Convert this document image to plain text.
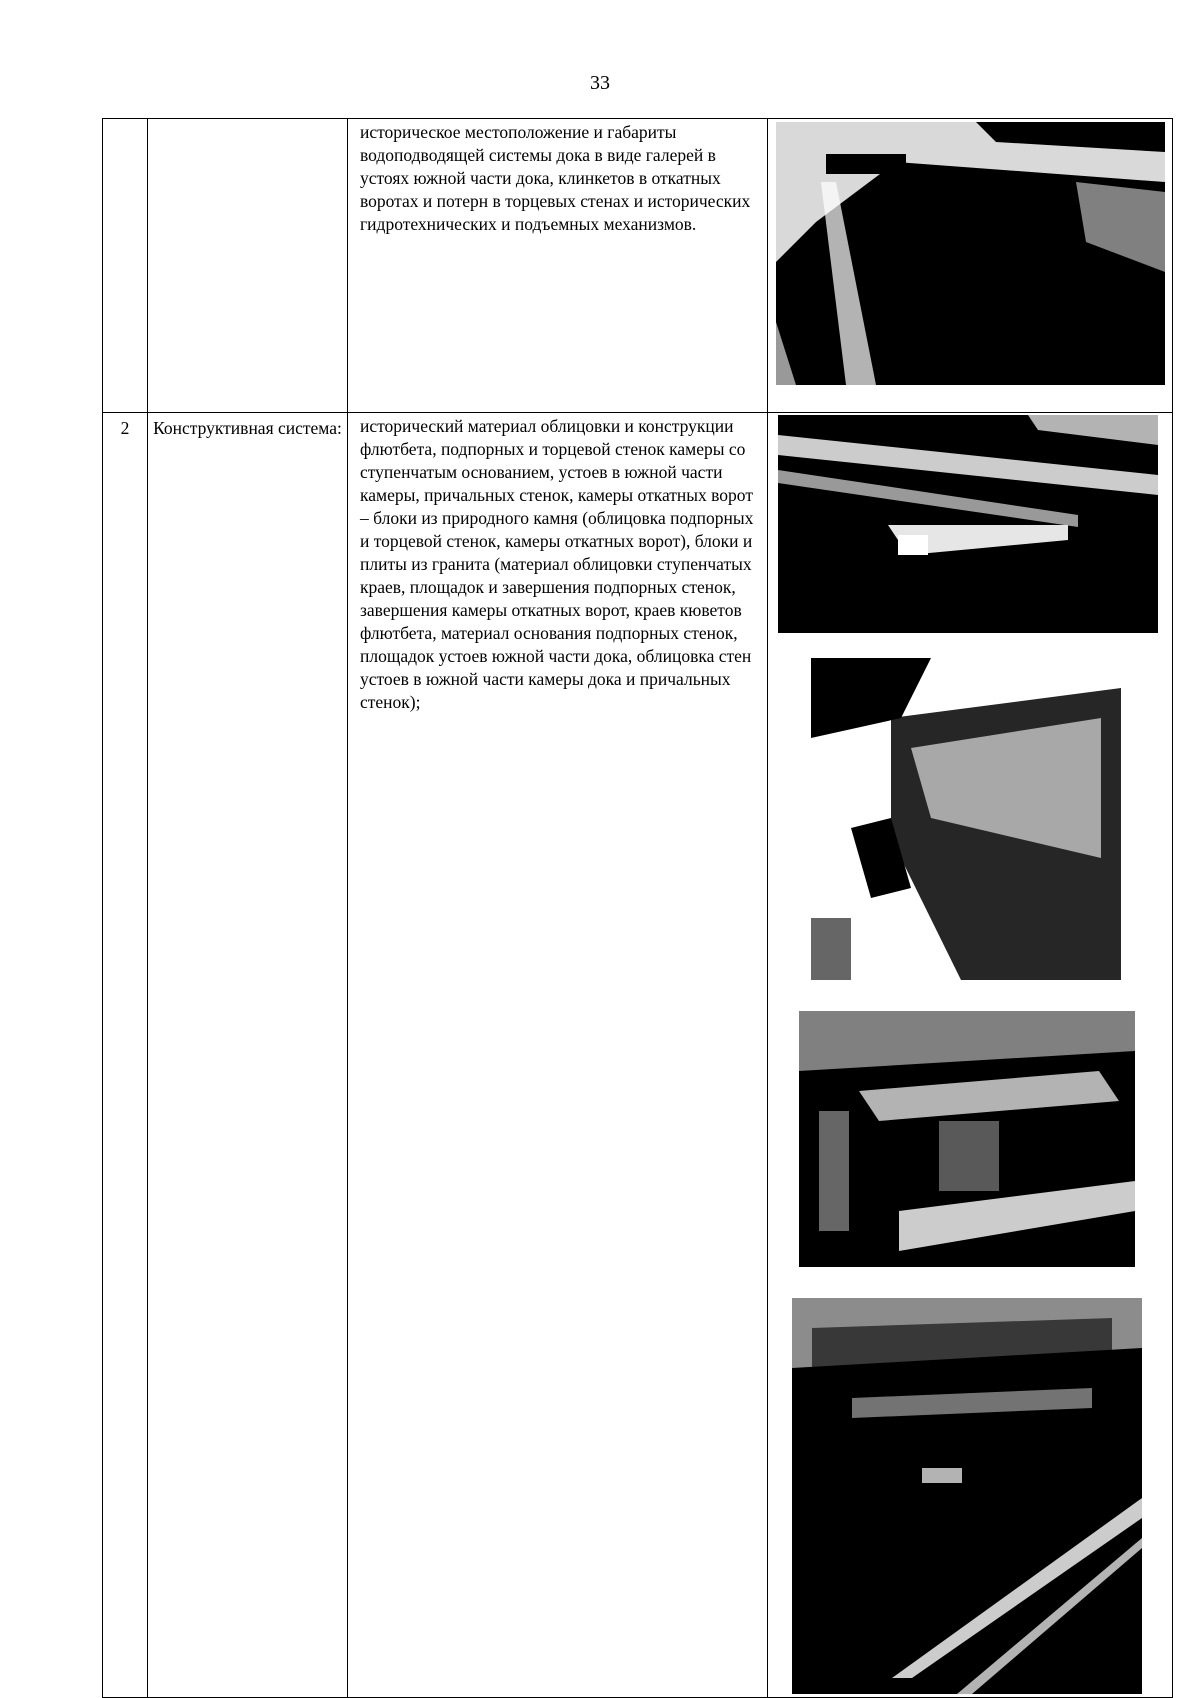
33
		историческое местоположение и габариты водоподводящей системы дока в виде галерей в устоях южной части дока, клинкетов в откатных воротах и потерн в торцевых стенах и исторических гидротехнических и подъемных механизмов.	

2	Конструктивная система:	исторический материал облицовки и конструкции флютбета, подпорных и торцевой стенок камеры со ступенчатым основанием, устоев в южной части камеры, причальных стенок, камеры откатных ворот – блоки из природного камня (облицовка подпорных и торцевой стенок, камеры откатных ворот), блоки и плиты из гранита (материал облицовки ступенчатых краев, площадок и завершения подпорных стенок, завершения камеры откатных ворот, краев кюветов флютбета, материал основания подпорных стенок, площадок устоев южной части дока, облицовка стен устоев в южной части камеры дока и причальных стенок);	
